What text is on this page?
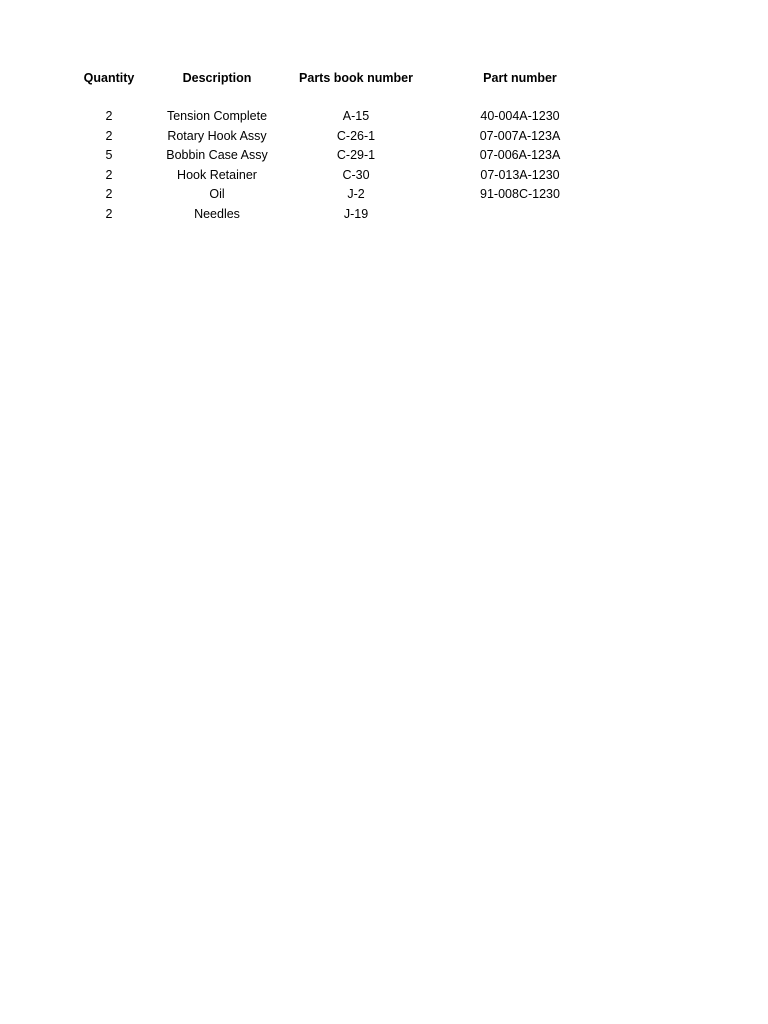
Quantity	Description	Parts book number	Part number
2	Tension Complete	A-15	40-004A-1230
2	Rotary Hook Assy	C-26-1	07-007A-123A
5	Bobbin Case Assy	C-29-1	07-006A-123A
2	Hook Retainer	C-30	07-013A-1230
2	Oil	J-2	91-008C-1230
2	Needles	J-19
